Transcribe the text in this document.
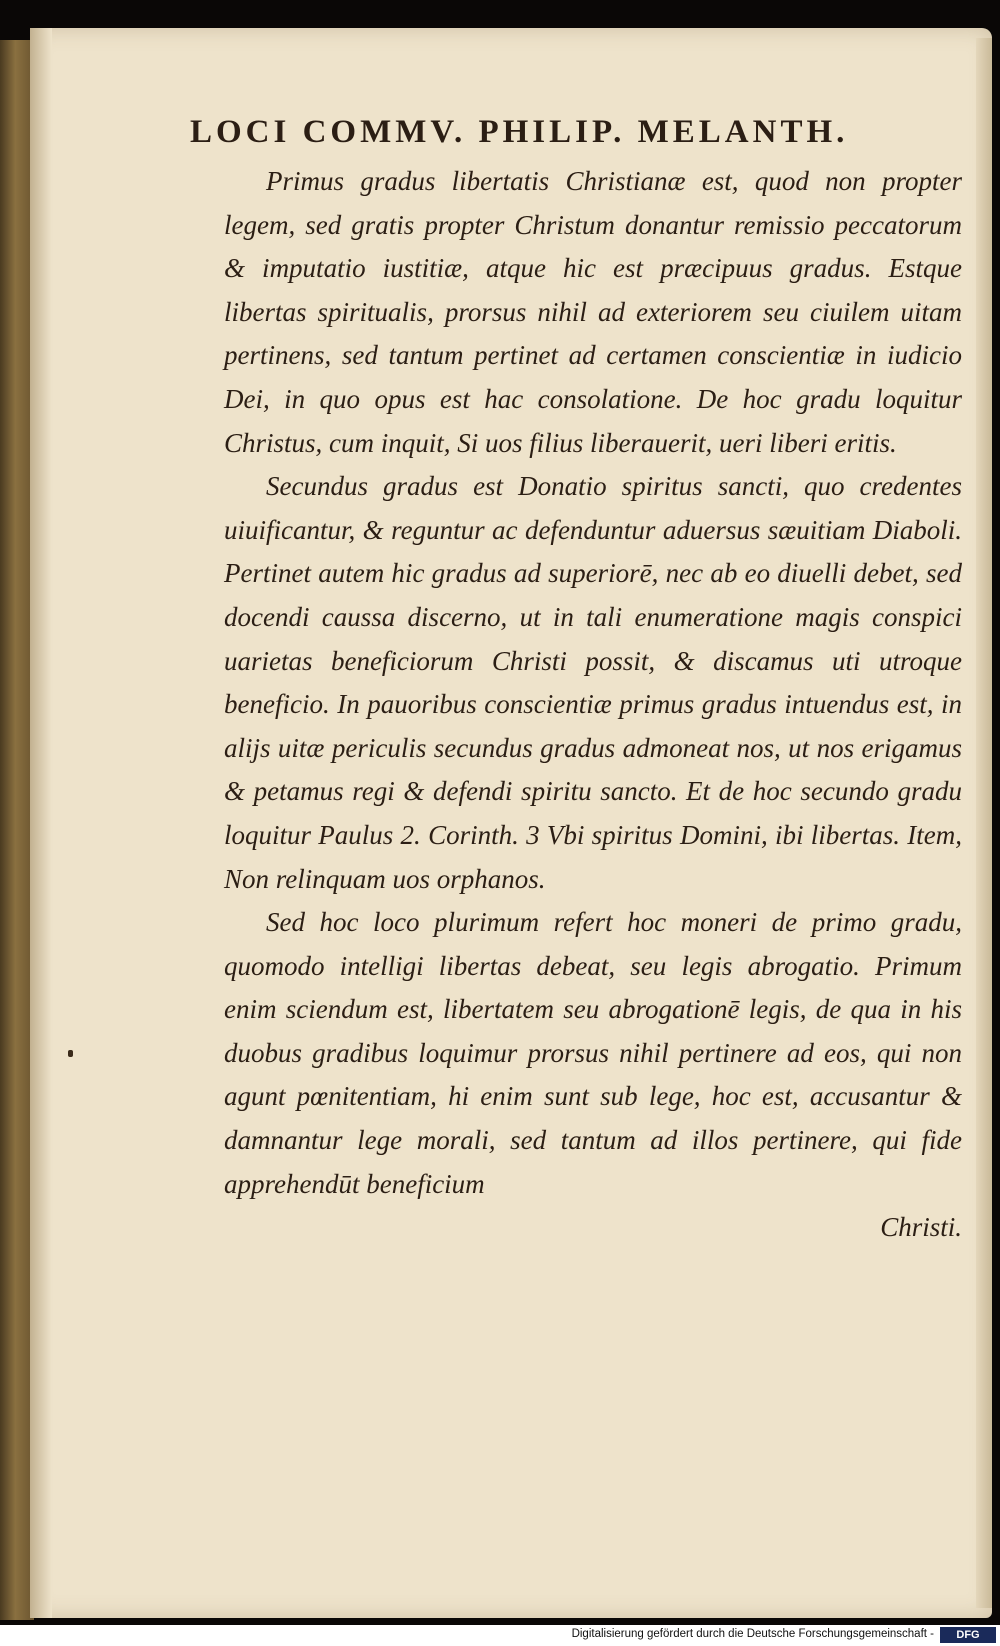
LOCI COMMV. PHILIP. MELANTH.

Primus gradus libertatis Christianæ est, quod non propter legem, sed gratis propter Christum donantur remissio peccatorum & imputatio iustitiæ, atque hic est præcipuus gradus. Estque libertas spiritualis, prorsus nihil ad exteriorem seu ciuilem uitam pertinens, sed tantum pertinet ad certamen conscientiæ in iudicio Dei, in quo opus est hac consolatione. De hoc gradu loquitur Christus, cum inquit, Si uos filius liberauerit, ueri liberi eritis.

Secundus gradus est Donatio spiritus sancti, quo credentes uiuificantur, & reguntur ac defenduntur aduersus sæuitiam Diaboli. Pertinet autem hic gradus ad superiorē, nec ab eo diuelli debet, sed docendi caussa discerno, ut in tali enumeratione magis conspici uarietas beneficiorum Christi possit, & discamus uti utroque beneficio. In pauoribus conscientiæ primus gradus intuendus est, in alijs uitæ periculis secundus gradus admoneat nos, ut nos erigamus & petamus regi & defendi spiritu sancto. Et de hoc secundo gradu loquitur Paulus 2. Corinth. 3 Vbi spiritus Domini, ibi libertas. Item, Non relinquam uos orphanos.

Sed hoc loco plurimum refert hoc moneri de primo gradu, quomodo intelligi libertas debeat, seu legis abrogatio. Primum enim sciendum est, libertatem seu abrogationē legis, de qua in his duobus gradibus loquimur prorsus nihil pertinere ad eos, qui non agunt pœnitentiam, hi enim sunt sub lege, hoc est, accusantur & damnantur lege morali, sed tantum ad illos pertinere, qui fide apprehendūt beneficium

Christi.

Digitalisierung gefördert durch die Deutsche Forschungsgemeinschaft -	DFG
